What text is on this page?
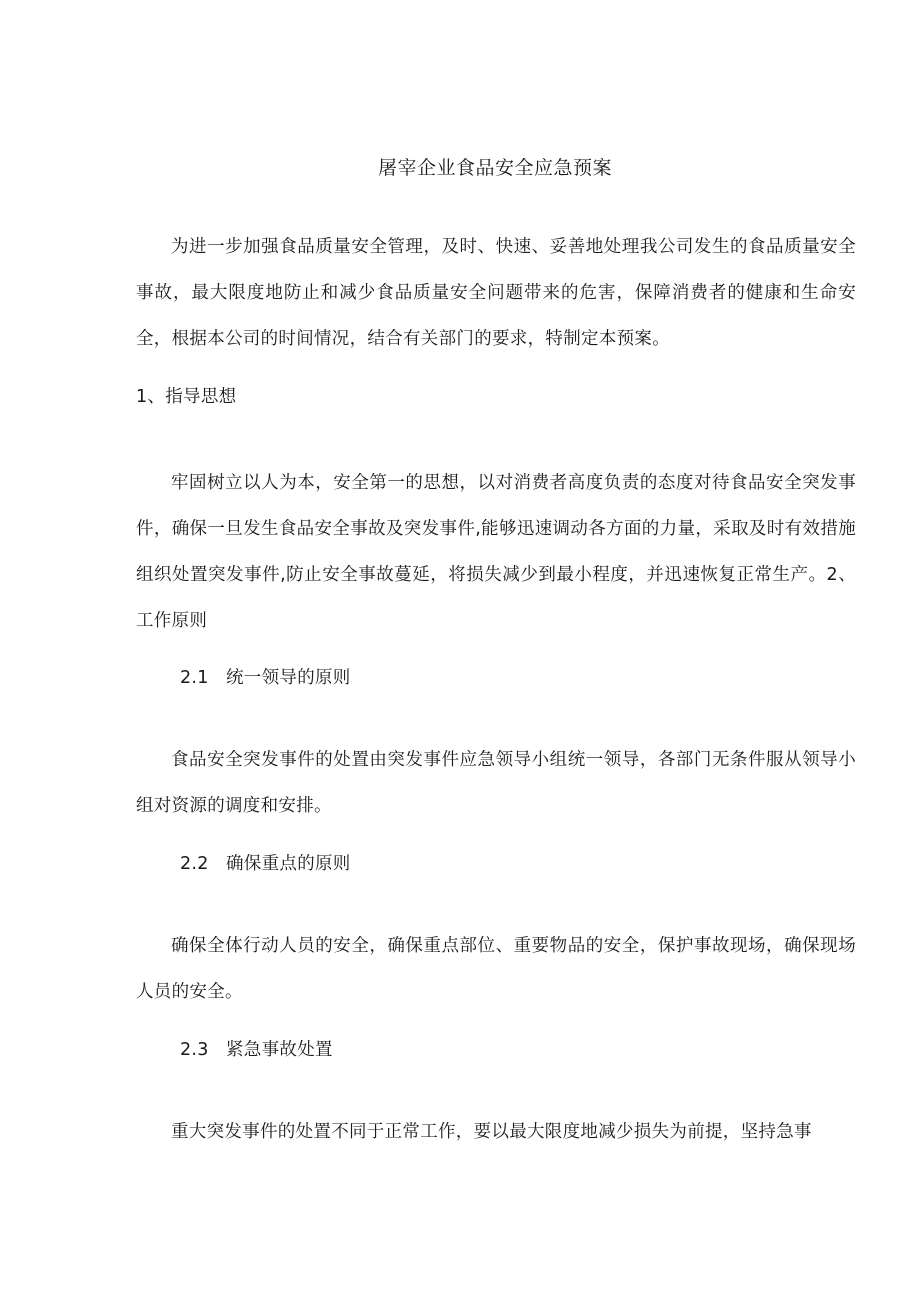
屠宰企业食品安全应急预案

为进一步加强食品质量安全管理，及时、快速、妥善地处理我公司发生的食品质量安全事故，最大限度地防止和减少食品质量安全问题带来的危害，保障消费者的健康和生命安全，根据本公司的时间情况，结合有关部门的要求，特制定本预案。

1、指导思想

牢固树立以人为本，安全第一的思想，以对消费者高度负责的态度对待食品安全突发事件，确保一旦发生食品安全事故及突发事件,能够迅速调动各方面的力量，采取及时有效措施组织处置突发事件,防止安全事故蔓延，将损失减少到最小程度，并迅速恢复正常生产。2、工作原则

2.1 统一领导的原则

食品安全突发事件的处置由突发事件应急领导小组统一领导，各部门无条件服从领导小组对资源的调度和安排。

2.2 确保重点的原则

确保全体行动人员的安全，确保重点部位、重要物品的安全，保护事故现场，确保现场人员的安全。

2.3 紧急事故处置

重大突发事件的处置不同于正常工作，要以最大限度地减少损失为前提，坚持急事
